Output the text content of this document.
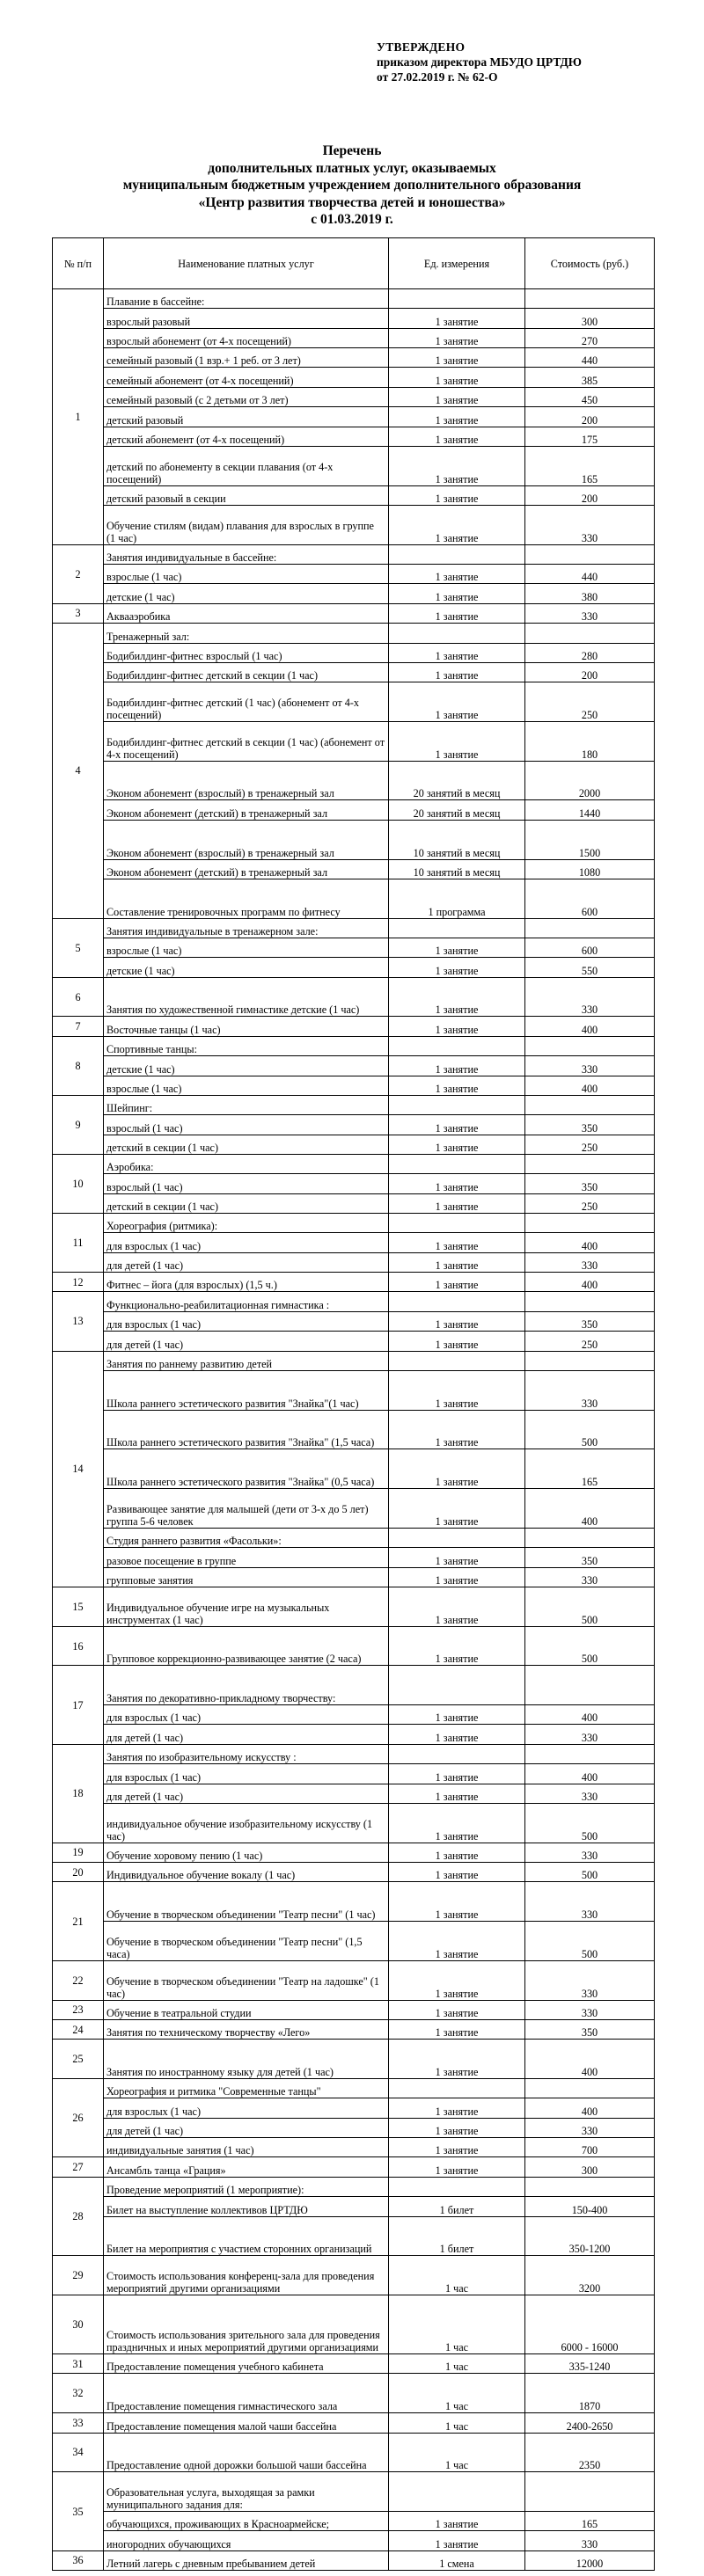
УТВЕРЖДЕНО
приказом директора МБУДО ЦРТДЮ
от 27.02.2019 г. № 62-О
Перечень
дополнительных платных услуг, оказываемых
муниципальным бюджетным учреждением дополнительного образования
«Центр развития творчества детей и юношества»
с 01.03.2019 г.
№ п/п	Наименование платных услуг	Ед. измерения	Стоимость (руб.)
1	Плавание в бассейне:		
	взрослый разовый	1 занятие	300
	взрослый абонемент (от 4-х посещений)	1 занятие	270
	семейный разовый (1 взр.+ 1 реб. от 3 лет)	1 занятие	440
	семейный абонемент (от 4-х посещений)	1 занятие	385
	семейный разовый (с 2 детьми от 3 лет)	1 занятие	450
	детский разовый	1 занятие	200
	детский абонемент (от 4-х посещений)	1 занятие	175
	детский по абонементу в секции плавания (от 4-х посещений)	1 занятие	165
	детский разовый в секции	1 занятие	200
	Обучение стилям (видам) плавания для взрослых в группе (1 час)	1 занятие	330
2	Занятия индивидуальные в бассейне:		
	взрослые (1 час)	1 занятие	440
	детские (1 час)	1 занятие	380
3	Аквааэробика	1 занятие	330
4	Тренажерный зал:		
	Бодибилдинг-фитнес взрослый (1 час)	1 занятие	280
	Бодибилдинг-фитнес детский в секции (1 час)	1 занятие	200
	Бодибилдинг-фитнес детский (1 час) (абонемент от 4-х посещений)	1 занятие	250
	Бодибилдинг-фитнес детский в секции (1 час) (абонемент от 4-х посещений)	1 занятие	180
	Эконом абонемент (взрослый) в тренажерный зал	20 занятий в месяц	2000
	Эконом абонемент (детский) в тренажерный зал	20 занятий в месяц	1440
	Эконом абонемент (взрослый) в тренажерный зал	10 занятий в месяц	1500
	Эконом абонемент (детский) в тренажерный зал	10 занятий в месяц	1080
	Составление тренировочных программ по фитнесу	1 программа	600
5	Занятия индивидуальные в тренажерном зале:		
	взрослые (1 час)	1 занятие	600
	детские (1 час)	1 занятие	550
6	Занятия по художественной гимнастике детские (1 час)	1 занятие	330
7	Восточные танцы (1 час)	1 занятие	400
8	Спортивные танцы:		
	детские (1 час)	1 занятие	330
	взрослые (1 час)	1 занятие	400
9	Шейпинг:		
	взрослый (1 час)	1 занятие	350
	детский в секции (1 час)	1 занятие	250
10	Аэробика:		
	взрослый (1 час)	1 занятие	350
	детский в секции (1 час)	1 занятие	250
11	Хореография (ритмика):		
	для взрослых (1 час)	1 занятие	400
	для детей (1 час)	1 занятие	330
12	Фитнес – йога (для взрослых) (1,5 ч.)	1 занятие	400
13	Функционально-реабилитационная гимнастика :		
	для взрослых (1 час)	1 занятие	350
	для детей (1 час)	1 занятие	250
14	Занятия по раннему развитию детей		
	Школа раннего эстетического развития "Знайка"(1 час)	1 занятие	330
	Школа раннего эстетического развития "Знайка" (1,5 часа)	1 занятие	500
	Школа раннего эстетического развития "Знайка" (0,5 часа)	1 занятие	165
	Развивающее занятие для малышей (дети от 3-х до 5 лет) группа 5-6 человек	1 занятие	400
	Студия раннего развития «Фасольки»:		
	разовое посещение в группе	1 занятие	350
	групповые занятия	1 занятие	330
15	Индивидуальное обучение игре на музыкальных инструментах (1 час)	1 занятие	500
16	Групповое коррекционно-развивающее занятие (2 часа)	1 занятие	500
17	Занятия по декоративно-прикладному творчеству:		
	для взрослых (1 час)	1 занятие	400
	для детей (1 час)	1 занятие	330
18	Занятия по изобразительному искусству :		
	для взрослых (1 час)	1 занятие	400
	для детей (1 час)	1 занятие	330
	индивидуальное обучение изобразительному искусству (1 час)	1 занятие	500
19	Обучение хоровому пению (1 час)	1 занятие	330
20	Индивидуальное обучение вокалу (1 час)	1 занятие	500
21	Обучение в творческом объединении "Театр песни" (1 час)	1 занятие	330
	Обучение в творческом объединении "Театр песни" (1,5 часа)	1 занятие	500
22	Обучение в творческом объединении "Театр на ладошке" (1 час)	1 занятие	330
23	Обучение в театральной студии	1 занятие	330
24	Занятия по техническому творчеству «Лего»	1 занятие	350
25	Занятия по иностранному языку для детей (1 час)	1 занятие	400
26	Хореография и ритмика "Современные танцы"		
	для взрослых (1 час)	1 занятие	400
	для детей (1 час)	1 занятие	330
	индивидуальные занятия (1 час)	1 занятие	700
27	Ансамбль танца «Грация»	1 занятие	300
28	Проведение мероприятий (1 мероприятие):		
	Билет на выступление коллективов ЦРТДЮ	1 билет	150-400
	Билет на мероприятия с участием сторонних организаций	1 билет	350-1200
29	Стоимость использования конференц-зала для проведения мероприятий другими организациями	1 час	3200
30	Стоимость использования зрительного зала для проведения праздничных и иных мероприятий другими организациями	1 час	6000 - 16000
31	Предоставление помещения учебного кабинета	1 час	335-1240
32	Предоставление помещения гимнастического зала	1 час	1870
33	Предоставление помещения малой чаши бассейна	1 час	2400-2650
34	Предоставление одной дорожки большой чаши бассейна	1 час	2350
35	Образовательная услуга, выходящая за рамки муниципального задания для:		
	обучающихся, проживающих в Красноармейске;	1 занятие	165
	иногородних обучающихся	1 занятие	330
36	Летний лагерь с дневным пребыванием детей	1 смена	12000
